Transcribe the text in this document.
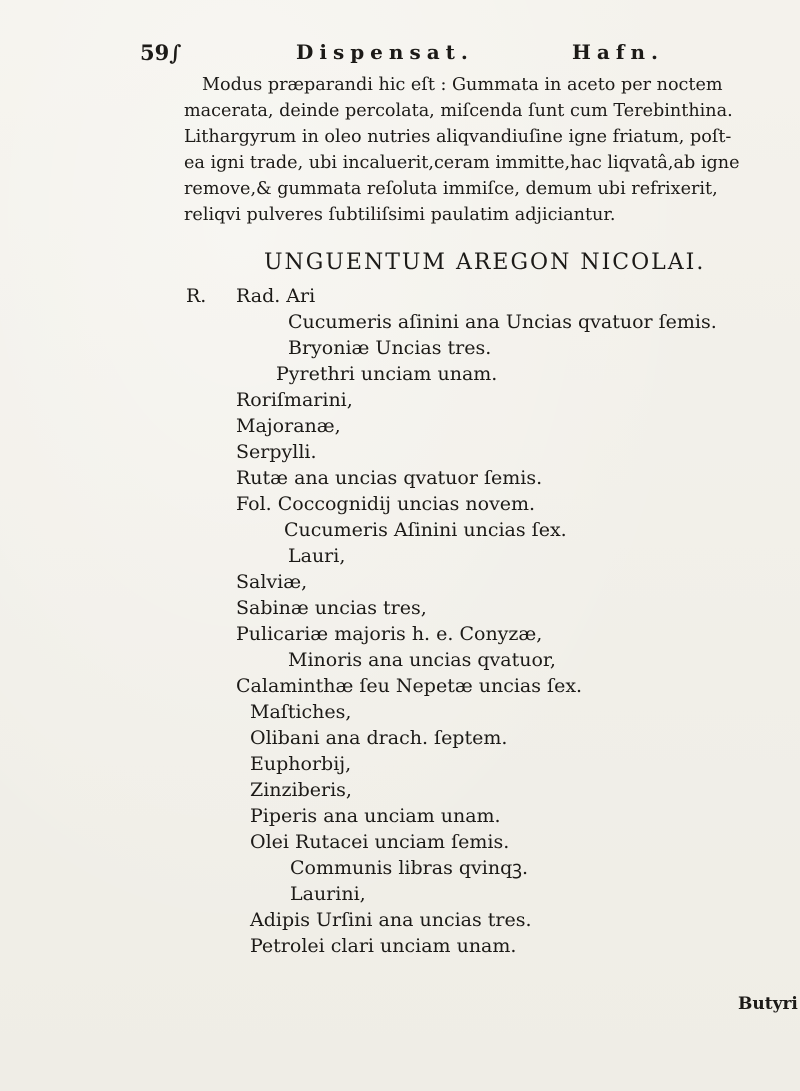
59∫	Dispensat.	Hafn.
Modus præparandi hic eſt : Gummata in aceto per noctem
macerata, deinde percolata, miſcenda ſunt cum Terebinthina.
Lithargyrum in oleo nutries aliqvandiuſine igne friatum, poſt-
ea igni trade, ubi incaluerit,ceram immitte,hac liqvatâ,ab igne
remove,& gummata reſoluta immiſce, demum ubi refrixerit,
reliqvi pulveres ſubtiliſsimi paulatim adjiciantur.
UNGUENTUM AREGON NICOLAI.
R. Rad. Ari
Cucumeris aſinini ana Uncias qvatuor ſemis.
Bryoniæ Uncias tres.
Pyrethri unciam unam.
Roriſmarini,
Majoranæ,
Serpylli.
Rutæ ana uncias qvatuor ſemis.
Fol. Coccognidij uncias novem.
Cucumeris Aſinini uncias ſex.
Lauri,
Salviæ,
Sabinæ uncias tres,
Pulicariæ majoris h. e. Conyzæ,
Minoris ana uncias qvatuor,
Calaminthæ ſeu Nepetæ uncias ſex.
Maſtiches,
Olibani ana drach. ſeptem.
Euphorbij,
Zinziberis,
Piperis ana unciam unam.
Olei Rutacei unciam ſemis.
Communis libras qvinqꝫ.
Laurini,
Adipis Urſini ana uncias tres.
Petrolei clari unciam unam.
Butyri
